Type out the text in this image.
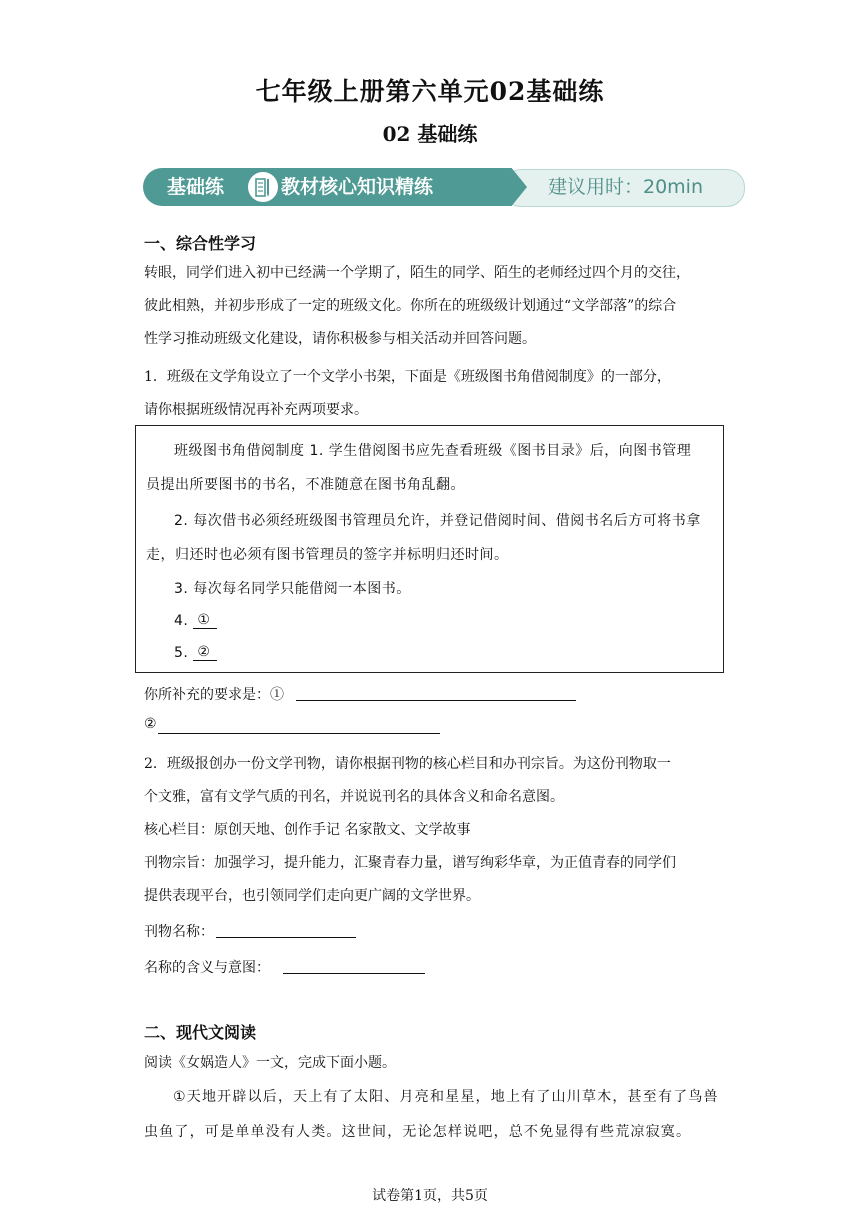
七年级上册第六单元02基础练
02 基础练
基础练	教材核心知识精练	建议用时：20min
一、综合性学习
转眼，同学们进入初中已经满一个学期了，陌生的同学、陌生的老师经过四个月的交往，
彼此相熟，并初步形成了一定的班级文化。你所在的班级级计划通过“文学部落”的综合
性学习推动班级文化建设，请你积极参与相关活动并回答问题。
1．班级在文学角设立了一个文学小书架，下面是《班级图书角借阅制度》的一部分，
请你根据班级情况再补充两项要求。
班级图书角借阅制度 1. 学生借阅图书应先查看班级《图书目录》后，向图书管理
员提出所要图书的书名，不准随意在图书角乱翻。
2. 每次借书必须经班级图书管理员允许，并登记借阅时间、借阅书名后方可将书拿
走，归还时也必须有图书管理员的签字并标明归还时间。
3. 每次每名同学只能借阅一本图书。
4. ①
5. ②
你所补充的要求是：①
②
2．班级报创办一份文学刊物，请你根据刊物的核心栏目和办刊宗旨。为这份刊物取一
个文雅，富有文学气质的刊名，并说说刊名的具体含义和命名意图。
核心栏目：原创天地、创作手记 名家散文、文学故事
刊物宗旨：加强学习，提升能力，汇聚青春力量，谱写绚彩华章，为正值青春的同学们
提供表现平台，也引领同学们走向更广阔的文学世界。
刊物名称：
名称的含义与意图：
二、现代文阅读
阅读《女娲造人》一文，完成下面小题。
①天地开辟以后，天上有了太阳、月亮和星星，地上有了山川草木，甚至有了鸟兽
虫鱼了，可是单单没有人类。这世间，无论怎样说吧，总不免显得有些荒凉寂寞。
试卷第1页，共5页
